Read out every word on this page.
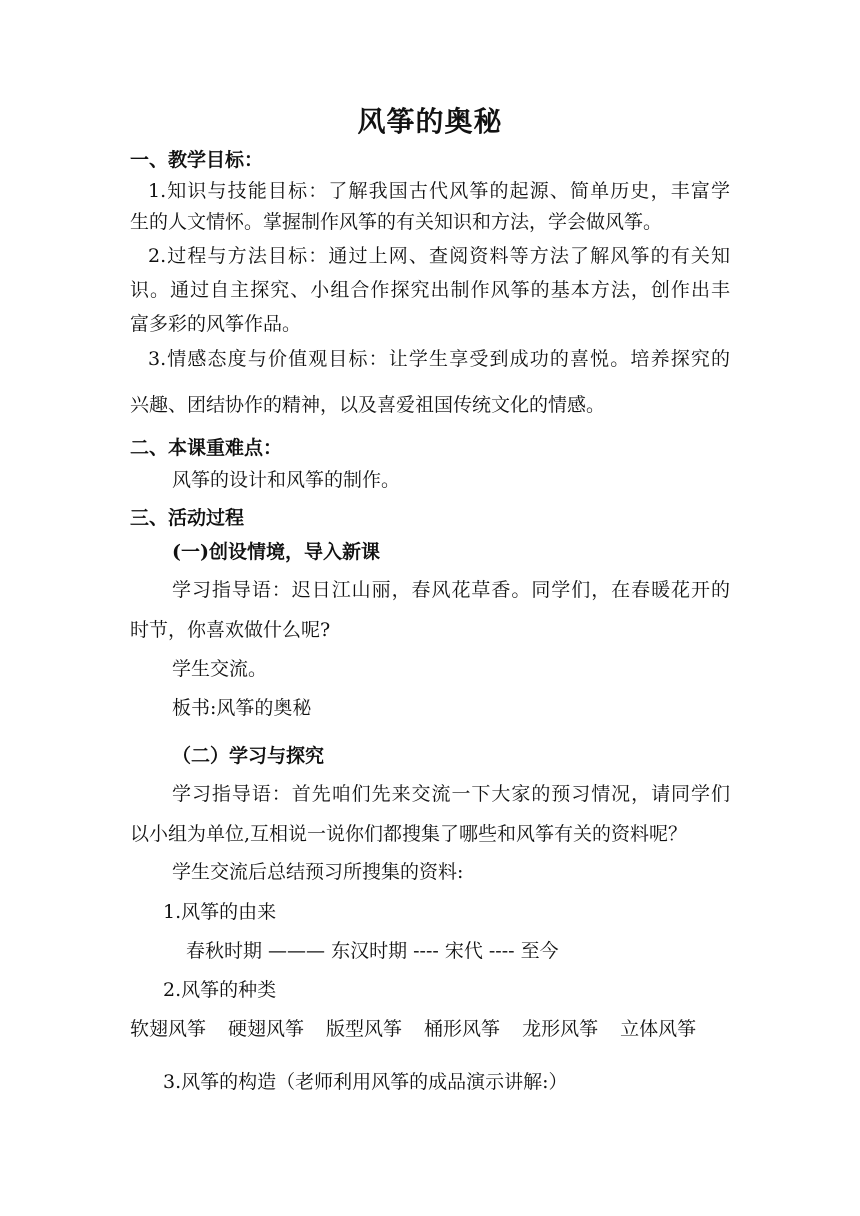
风筝的奥秘
一、教学目标：
1.知识与技能目标：了解我国古代风筝的起源、简单历史，丰富学
生的人文情怀。掌握制作风筝的有关知识和方法，学会做风筝。
2.过程与方法目标：通过上网、查阅资料等方法了解风筝的有关知
识。通过自主探究、小组合作探究出制作风筝的基本方法，创作出丰
富多彩的风筝作品。
3.情感态度与价值观目标：让学生享受到成功的喜悦。培养探究的
兴趣、团结协作的精神，以及喜爱祖国传统文化的情感。
二、本课重难点：
风筝的设计和风筝的制作。
三、活动过程
(一)创设情境，导入新课
学习指导语：迟日江山丽，春风花草香。同学们，在春暖花开的
时节，你喜欢做什么呢?
学生交流。
板书:风筝的奥秘
（二）学习与探究
学习指导语：首先咱们先来交流一下大家的预习情况，请同学们
以小组为单位,互相说一说你们都搜集了哪些和风筝有关的资料呢？
学生交流后总结预习所搜集的资料:
1.风筝的由来
春秋时期 ——— 东汉时期 ---- 宋代 ---- 至今
2.风筝的种类
软翅风筝 硬翅风筝 版型风筝 桶形风筝 龙形风筝 立体风筝
3.风筝的构造（老师利用风筝的成品演示讲解:）
